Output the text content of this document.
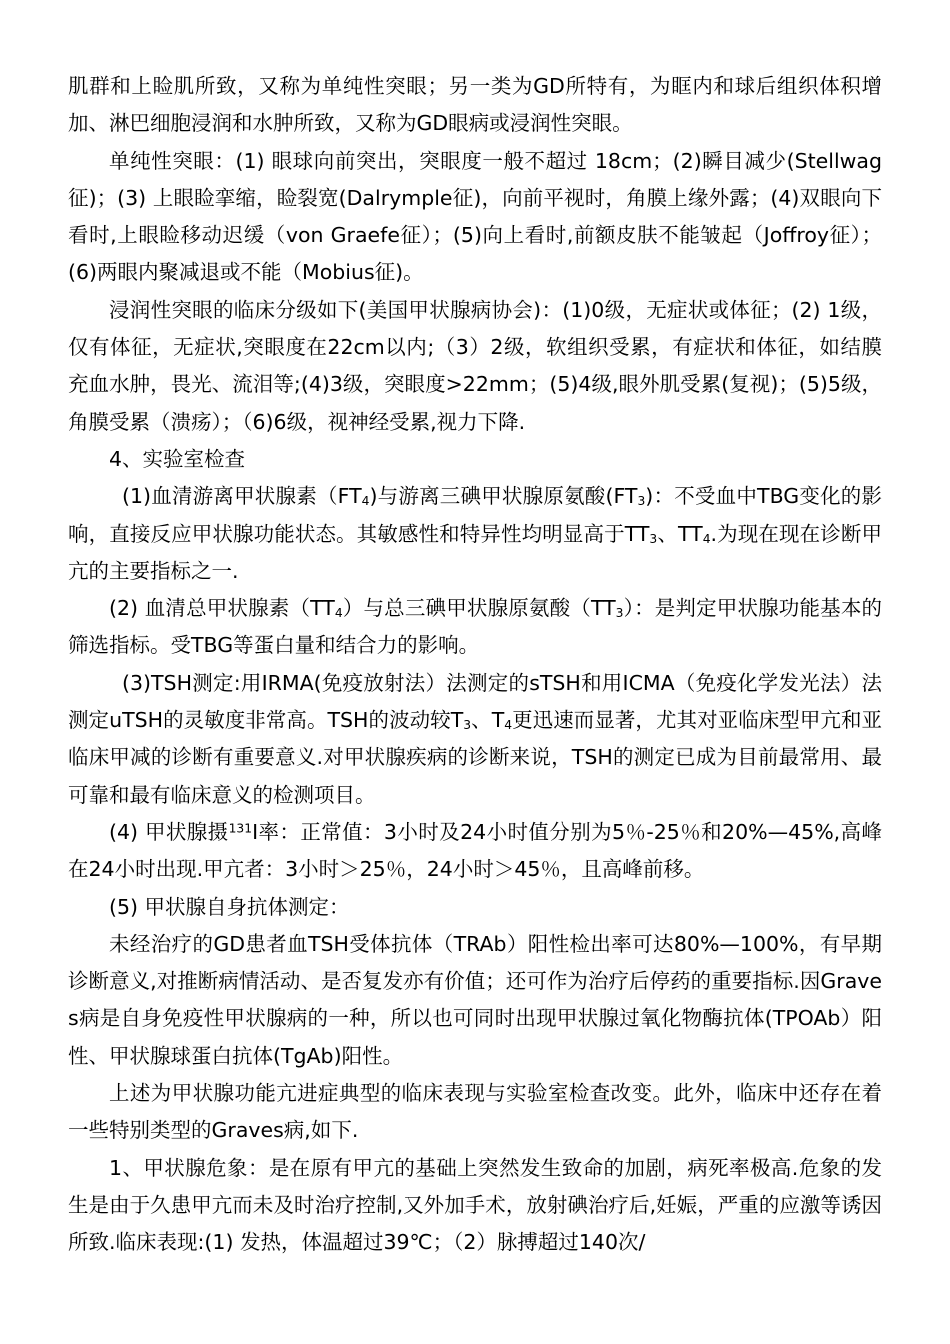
肌群和上睑肌所致，又称为单纯性突眼；另一类为GD所特有，为眶内和球后组织体积增加、淋巴细胞浸润和水肿所致，又称为GD眼病或浸润性突眼。

单纯性突眼：(1) 眼球向前突出，突眼度一般不超过 18cm；(2)瞬目减少(Stellwag征)；(3) 上眼睑挛缩，睑裂宽(Dalrymple征)，向前平视时，角膜上缘外露；(4)双眼向下看时,上眼睑移动迟缓（von Graefe征）；(5)向上看时,前额皮肤不能皱起（Joffroy征）；(6)两眼内聚减退或不能（Mobius征)。

浸润性突眼的临床分级如下(美国甲状腺病协会)：(1)0级，无症状或体征；(2) 1级，仅有体征，无症状,突眼度在22cm以内;（3）2级，软组织受累，有症状和体征，如结膜充血水肿，畏光、流泪等;(4)3级，突眼度>22mm；(5)4级,眼外肌受累(复视)；(5)5级，角膜受累（溃疡）；（6)6级，视神经受累,视力下降.

4、实验室检查

(1)血清游离甲状腺素$(FT_4)$与游离三碘甲状腺原氨酸$(FT_3)$：不受血中TBG变化的影响，直接反应甲状腺功能状态。其敏感性和特异性均明显高于$TT_3$、$TT_4$.为现在现在诊断甲亢的主要指标之一.

(2) 血清总甲状腺素$(TT_4)$与总三碘甲状腺原氨酸$(TT_3)$：是判定甲状腺功能基本的筛选指标。受TBG等蛋白量和结合力的影响。

(3)TSH测定:用IRMA(免疫放射法）法测定的sTSH和用ICMA（免疫化学发光法）法测定uTSH的灵敏度非常高。TSH的波动较$T_3$、$T_4$更迅速而显著，尤其对亚临床型甲亢和亚临床甲减的诊断有重要意义.对甲状腺疾病的诊断来说，TSH的测定已成为目前最常用、最可靠和最有临床意义的检测项目。

(4) 甲状腺摄$^{131}$I率：正常值：3小时及24小时值分别为5％-25％和20%—45%,高峰在24小时出现.甲亢者：3小时＞25％，24小时＞45％，且高峰前移。

(5) 甲状腺自身抗体测定：

未经治疗的GD患者血TSH受体抗体（TRAb）阳性检出率可达80%—100%，有早期诊断意义,对推断病情活动、是否复发亦有价值；还可作为治疗后停药的重要指标.因Graves病是自身免疫性甲状腺病的一种，所以也可同时出现甲状腺过氧化物酶抗体(TPOAb）阳性、甲状腺球蛋白抗体(TgAb)阳性。

上述为甲状腺功能亢进症典型的临床表现与实验室检查改变。此外，临床中还存在着一些特别类型的Graves病,如下.

1、甲状腺危象：是在原有甲亢的基础上突然发生致命的加剧，病死率极高.危象的发生是由于久患甲亢而未及时治疗控制,又外加手术，放射碘治疗后,妊娠，严重的应激等诱因所致.临床表现:(1) 发热，体温超过39℃；（2）脉搏超过140次/
